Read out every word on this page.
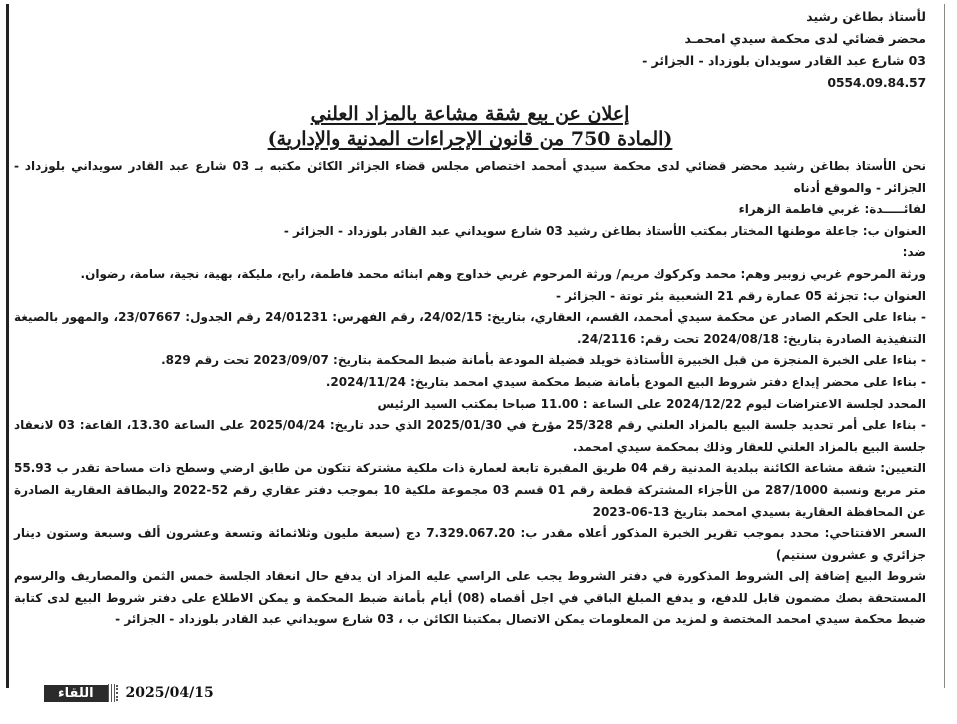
لأستاذ بطاغن رشيد
محضر قضائي لدى محكمة سيدي امحمـد
03 شارع عبد القادر سويدان بلوزداد - الجزائر -
0554.09.84.57
إعلان عن بيع شقة مشاعة بالمزاد العلني
(المادة 750 من قانون الإجراءات المدنية والإدارية)

نحن الأستاذ بطاغن رشيد محضر قضائي لدى محكمة سيدي أمحمد اختصاص مجلس قضاء الجزائر الكائن مكتبه بـ 03 شارع عبد القادر سويداني بلوزداد - الجزائر - والموقع أدناه

لفائـــــدة: غربي فاطمة الزهراء

العنوان ب: جاعلة موطنها المختار بمكتب الأستاذ بطاغن رشيد 03 شارع سويداني عبد القادر بلوزداد - الجزائر -

ضد:

ورثة المرحوم غربي زوبير وهم: محمد وكركوك مريم/ ورثة المرحوم غربي خداوج وهم ابنائه محمد فاطمة، رابح، مليكة، بهية، نجية، سامة، رضوان.

العنوان ب: تجزئة 05 عمارة رقم 21 الشعبية بئر توتة - الجزائر -

- بناءا على الحكم الصادر عن محكمة سيدي أمحمد، القسم، العقاري، بتاريخ: 24/02/15، رقم الفهرس: 24/01231 رقم الجدول: 23/07667، والمهور بالصيغة التنفيذية الصادرة بتاريخ: 2024/08/18 تحت رقم: 24/2116.

- بناءا على الخبرة المنجزة من قبل الخبيرة الأستاذة خويلد فضيلة المودعة بأمانة ضبط المحكمة بتاريخ: 2023/09/07 تحت رقم 829.

- بناءا على محضر إيداع دفتر شروط البيع المودع بأمانة ضبط محكمة سيدي امحمد بتاريخ: 2024/11/24.

المحدد لجلسة الاعتراضات ليوم 2024/12/22 على الساعة : 11.00 صباحا بمكتب السيد الرئيس

- بناءا على أمر تحديد جلسة البيع بالمزاد العلني رقم 25/328 مؤرخ في 2025/01/30 الذي حدد تاريخ: 2025/04/24 على الساعة 13.30، القاعة: 03 لانعقاد جلسة البيع بالمزاد العلني للعقار وذلك بمحكمة سيدي امحمد.

التعيين: شقة مشاعة الكائنة ببلدية المدنية رقم 04 طريق المقبرة تابعة لعمارة ذات ملكية مشتركة تتكون من طابق ارضي وسطح ذات مساحة تقدر ب 55.93 متر مربع ونسبة 287/1000 من الأجزاء المشتركة قطعة رقم 01 قسم 03 مجموعة ملكية 10 بموجب دفتر عقاري رقم 52-2022 والبطاقة العقارية الصادرة عن المحافظة العقارية بسيدي امحمد بتاريخ 13-06-2023

السعر الافتتاحي: محدد بموجب تقرير الخبرة المذكور أعلاه مقدر ب: 7.329.067.20 دج (سبعة مليون وثلاثمائة وتسعة وعشرون ألف وسبعة وستون دينار جزائري و عشرون سنتيم)

شروط البيع إضافة إلى الشروط المذكورة في دفتر الشروط يجب على الراسي عليه المزاد ان يدفع حال انعقاد الجلسة خمس الثمن والمصاريف والرسوم المستحقة بصك مضمون قابل للدفع، و يدفع المبلغ الباقي في اجل أقصاه (08) أيام بأمانة ضبط المحكمة و يمكن الاطلاع على دفتر شروط البيع لدى كتابة ضبط محكمة سيدي امحمد المختصة و لمزيد من المعلومات يمكن الاتصال بمكتبنا الكائن ب ، 03 شارع سويداني عبد القادر بلوزداد - الجزائر -

اللقاء	2025/04/15
